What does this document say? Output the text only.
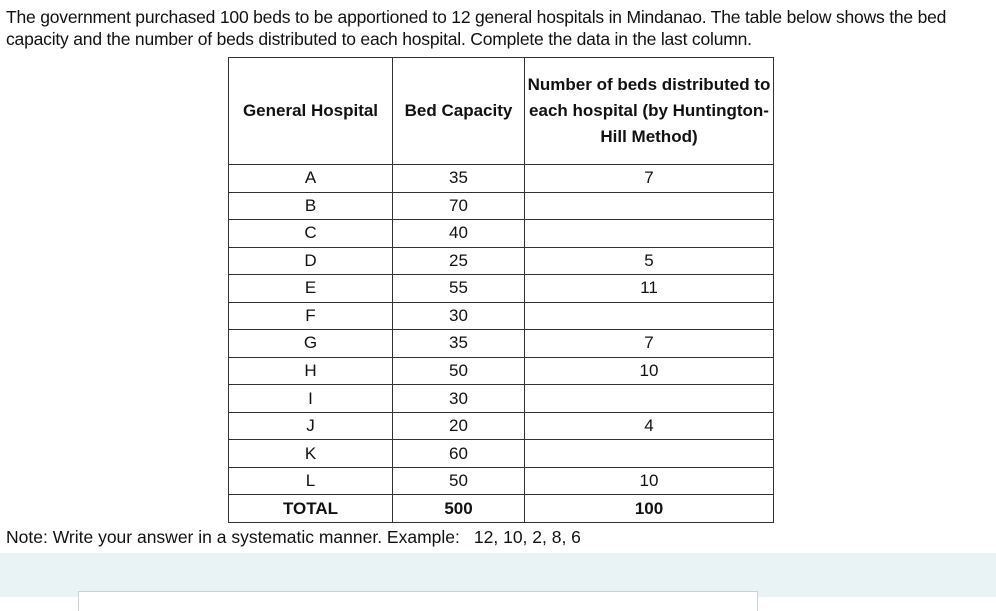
The government purchased 100 beds to be apportioned to 12 general hospitals in Mindanao. The table below shows the bed capacity and the number of beds distributed to each hospital. Complete the data in the last column.

General Hospital	Bed Capacity	Number of beds distributed to each hospital (by Huntington-Hill Method)
A	35	7
B	70	
C	40	
D	25	5
E	55	11
F	30	
G	35	7
H	50	10
I	30	
J	20	4
K	60	
L	50	10
TOTAL	500	100

Note: Write your answer in a systematic manner. Example: 12, 10, 2, 8, 6
